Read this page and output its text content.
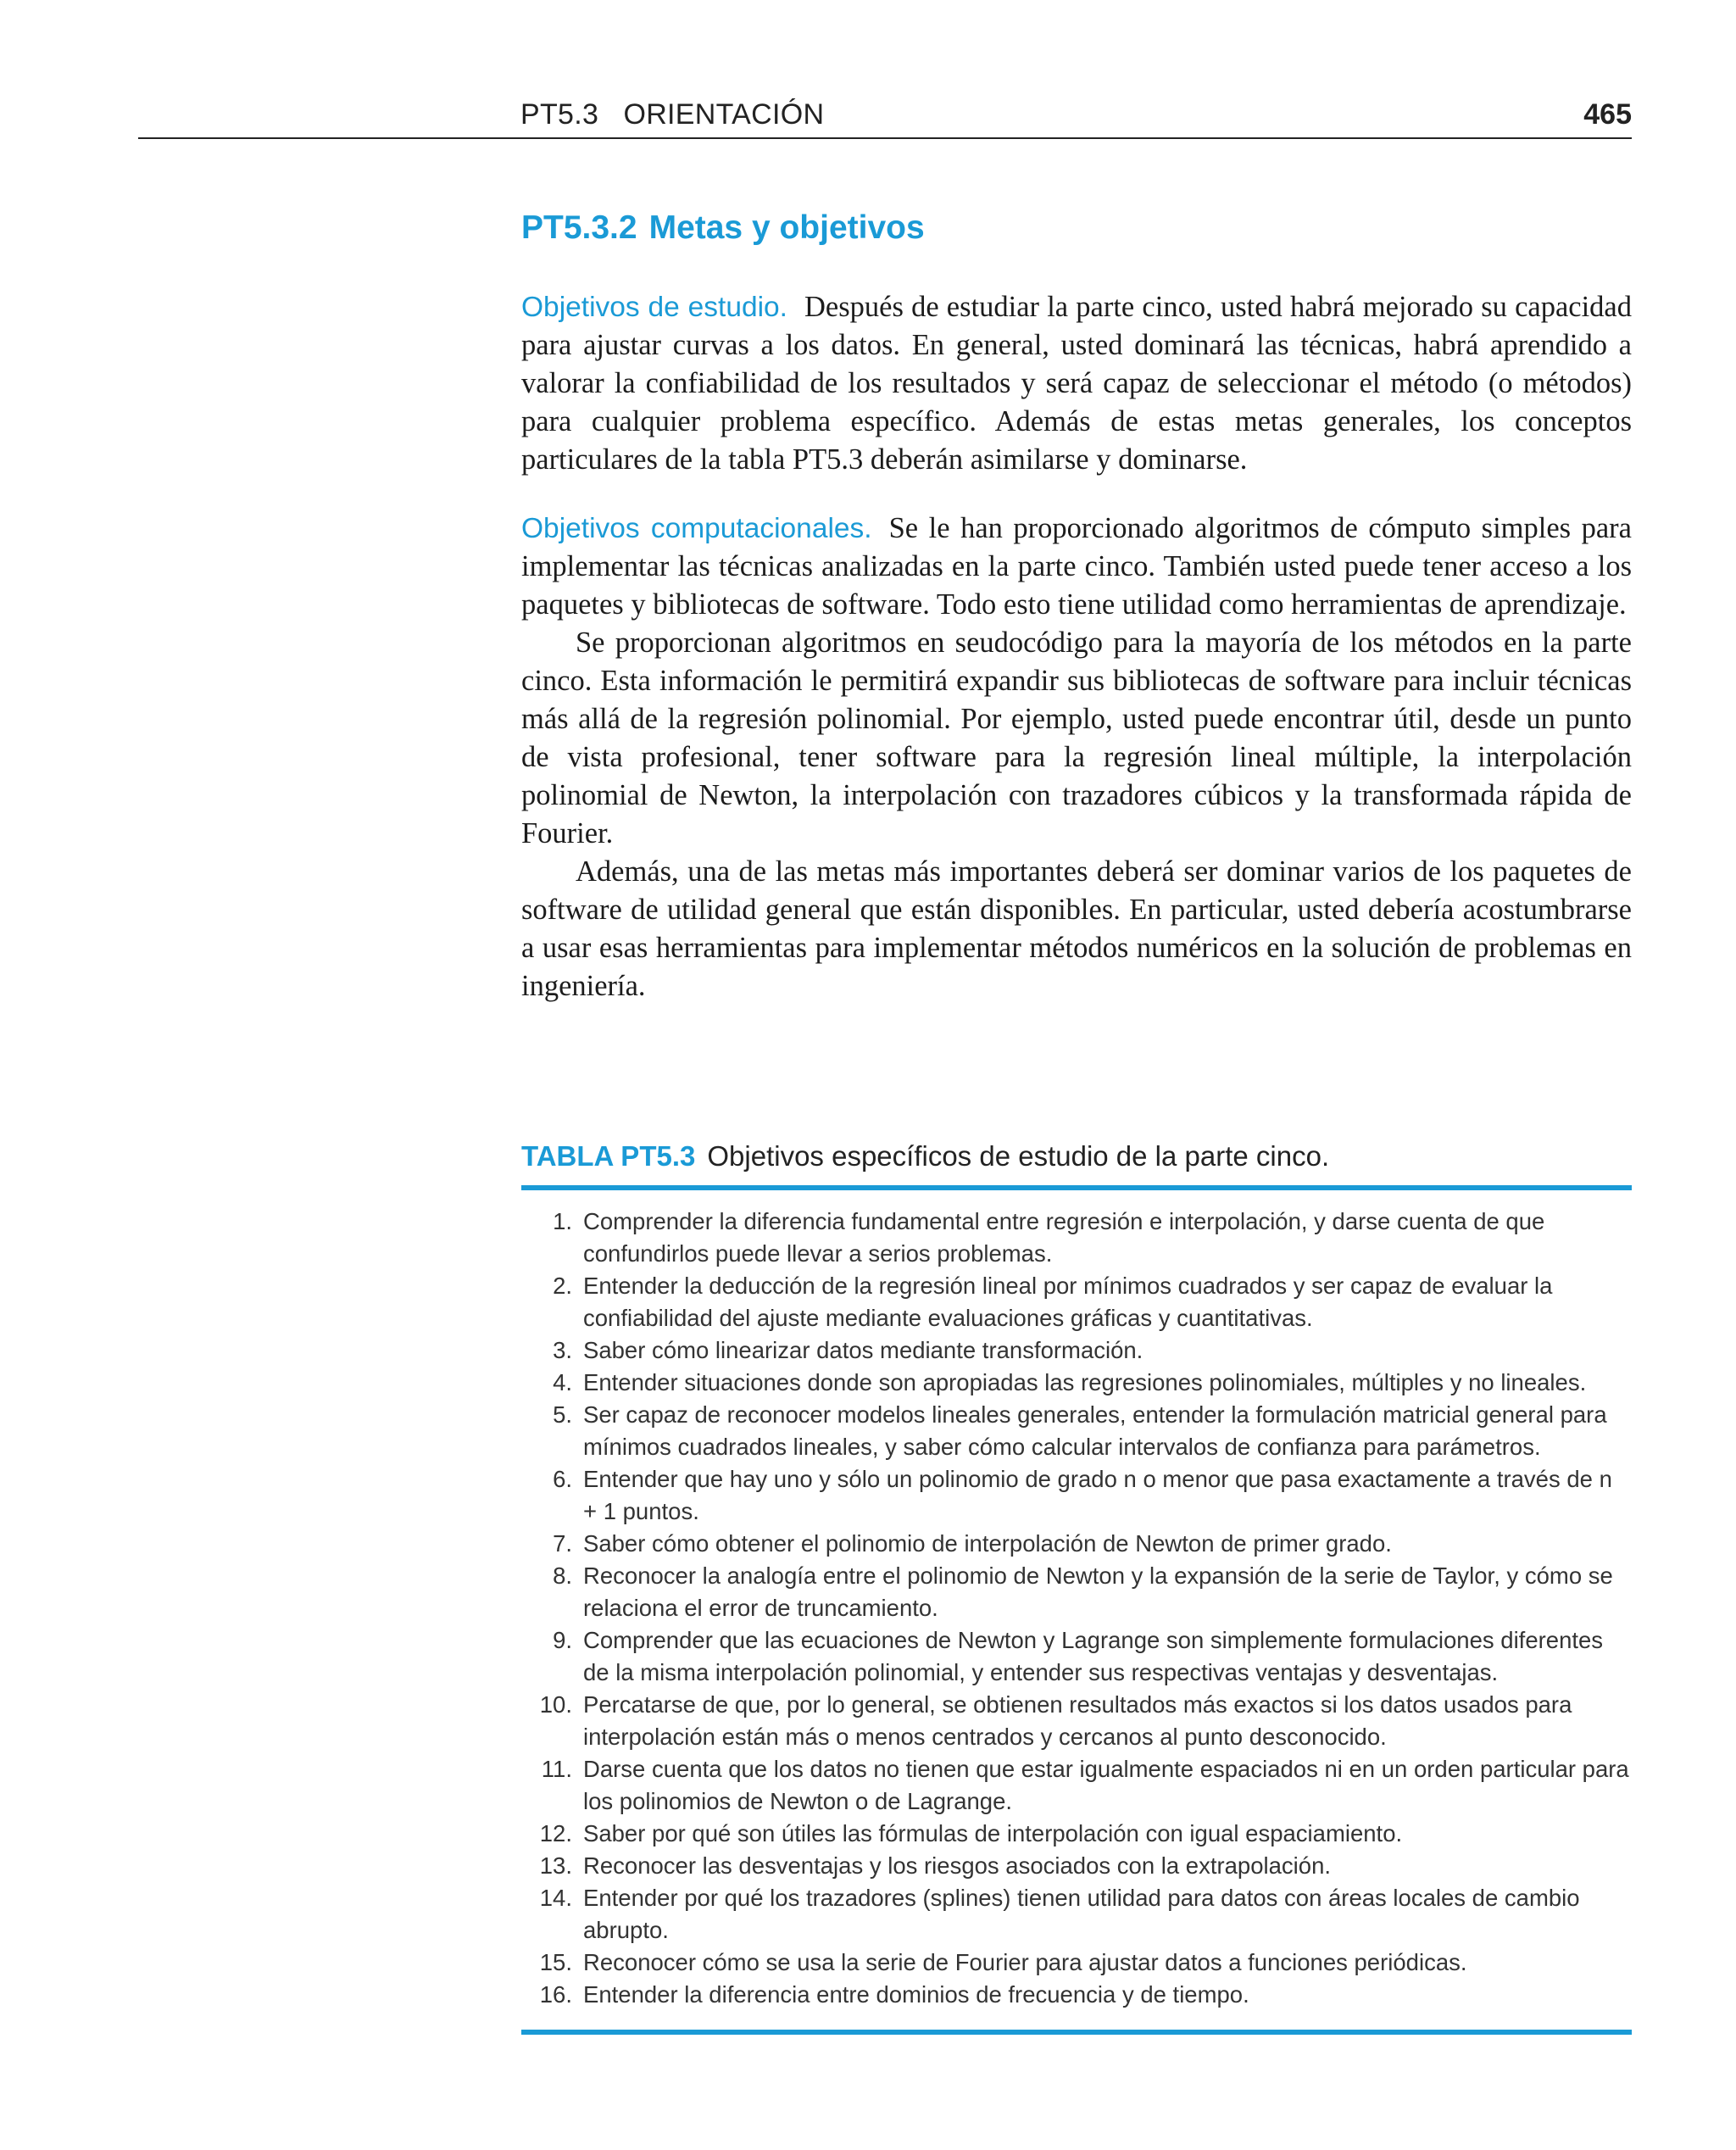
PT5.3   ORIENTACIÓN	465
PT5.3.2 Metas y objetivos

Objetivos de estudio. Después de estudiar la parte cinco, usted habrá mejorado su capacidad para ajustar curvas a los datos. En general, usted dominará las técnicas, habrá aprendido a valorar la confiabilidad de los resultados y será capaz de seleccionar el método (o métodos) para cualquier problema específico. Además de estas metas generales, los conceptos particulares de la tabla PT5.3 deberán asimilarse y dominarse.

Objetivos computacionales. Se le han proporcionado algoritmos de cómputo simples para implementar las técnicas analizadas en la parte cinco. También usted puede tener acceso a los paquetes y bibliotecas de software. Todo esto tiene utilidad como herramientas de aprendizaje.

Se proporcionan algoritmos en seudocódigo para la mayoría de los métodos en la parte cinco. Esta información le permitirá expandir sus bibliotecas de software para incluir técnicas más allá de la regresión polinomial. Por ejemplo, usted puede encontrar útil, desde un punto de vista profesional, tener software para la regresión lineal múltiple, la interpolación polinomial de Newton, la interpolación con trazadores cúbicos y la transformada rápida de Fourier.

Además, una de las metas más importantes deberá ser dominar varios de los paquetes de software de utilidad general que están disponibles. En particular, usted debería acostumbrarse a usar esas herramientas para implementar métodos numéricos en la solución de problemas en ingeniería.

TABLA PT5.3 Objetivos específicos de estudio de la parte cinco.
1. Comprender la diferencia fundamental entre regresión e interpolación, y darse cuenta de que confundirlos puede llevar a serios problemas.
2. Entender la deducción de la regresión lineal por mínimos cuadrados y ser capaz de evaluar la confiabilidad del ajuste mediante evaluaciones gráficas y cuantitativas.
3. Saber cómo linearizar datos mediante transformación.
4. Entender situaciones donde son apropiadas las regresiones polinomiales, múltiples y no lineales.
5. Ser capaz de reconocer modelos lineales generales, entender la formulación matricial general para mínimos cuadrados lineales, y saber cómo calcular intervalos de confianza para parámetros.
6. Entender que hay uno y sólo un polinomio de grado n o menor que pasa exactamente a través de n + 1 puntos.
7. Saber cómo obtener el polinomio de interpolación de Newton de primer grado.
8. Reconocer la analogía entre el polinomio de Newton y la expansión de la serie de Taylor, y cómo se relaciona el error de truncamiento.
9. Comprender que las ecuaciones de Newton y Lagrange son simplemente formulaciones diferentes de la misma interpolación polinomial, y entender sus respectivas ventajas y desventajas.
10. Percatarse de que, por lo general, se obtienen resultados más exactos si los datos usados para interpolación están más o menos centrados y cercanos al punto desconocido.
11. Darse cuenta que los datos no tienen que estar igualmente espaciados ni en un orden particular para los polinomios de Newton o de Lagrange.
12. Saber por qué son útiles las fórmulas de interpolación con igual espaciamiento.
13. Reconocer las desventajas y los riesgos asociados con la extrapolación.
14. Entender por qué los trazadores (splines) tienen utilidad para datos con áreas locales de cambio abrupto.
15. Reconocer cómo se usa la serie de Fourier para ajustar datos a funciones periódicas.
16. Entender la diferencia entre dominios de frecuencia y de tiempo.
